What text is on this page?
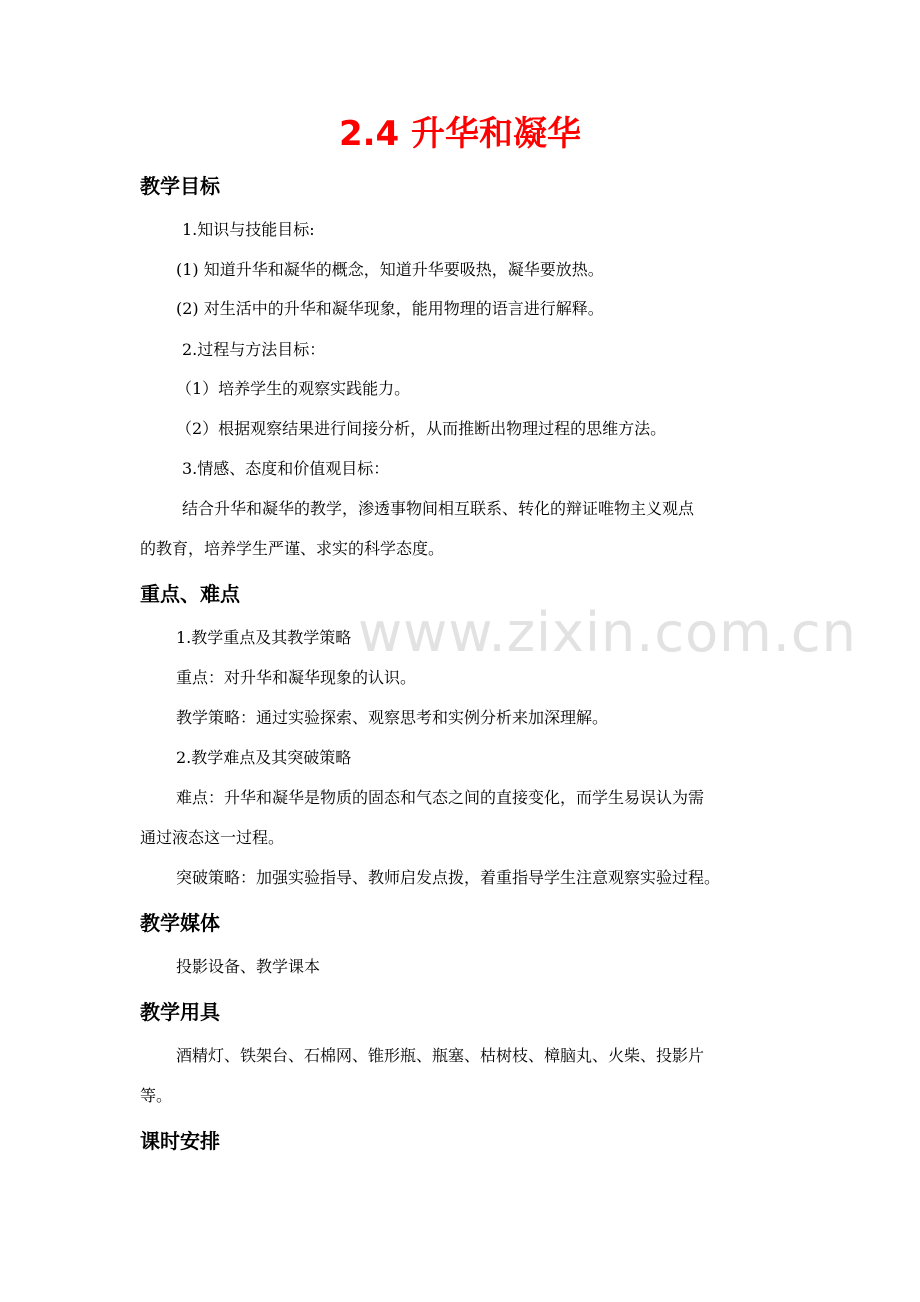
www.zixin.com.cn
2.4 升华和凝华
教学目标

1.知识与技能目标:

(1) 知道升华和凝华的概念，知道升华要吸热，凝华要放热。

(2) 对生活中的升华和凝华现象，能用物理的语言进行解释。

2.过程与方法目标：

（1）培养学生的观察实践能力。

（2）根据观察结果进行间接分析，从而推断出物理过程的思维方法。

3.情感、态度和价值观目标：

结合升华和凝华的教学，渗透事物间相互联系、转化的辩证唯物主义观点

的教育，培养学生严谨、求实的科学态度。

重点、难点

1.教学重点及其教学策略

重点：对升华和凝华现象的认识。

教学策略：通过实验探索、观察思考和实例分析来加深理解。

2.教学难点及其突破策略

难点：升华和凝华是物质的固态和气态之间的直接变化，而学生易误认为需

通过液态这一过程。

突破策略：加强实验指导、教师启发点拨，着重指导学生注意观察实验过程。

教学媒体

投影设备、教学课本

教学用具

酒精灯、铁架台、石棉网、锥形瓶、瓶塞、枯树枝、樟脑丸、火柴、投影片

等。

课时安排
